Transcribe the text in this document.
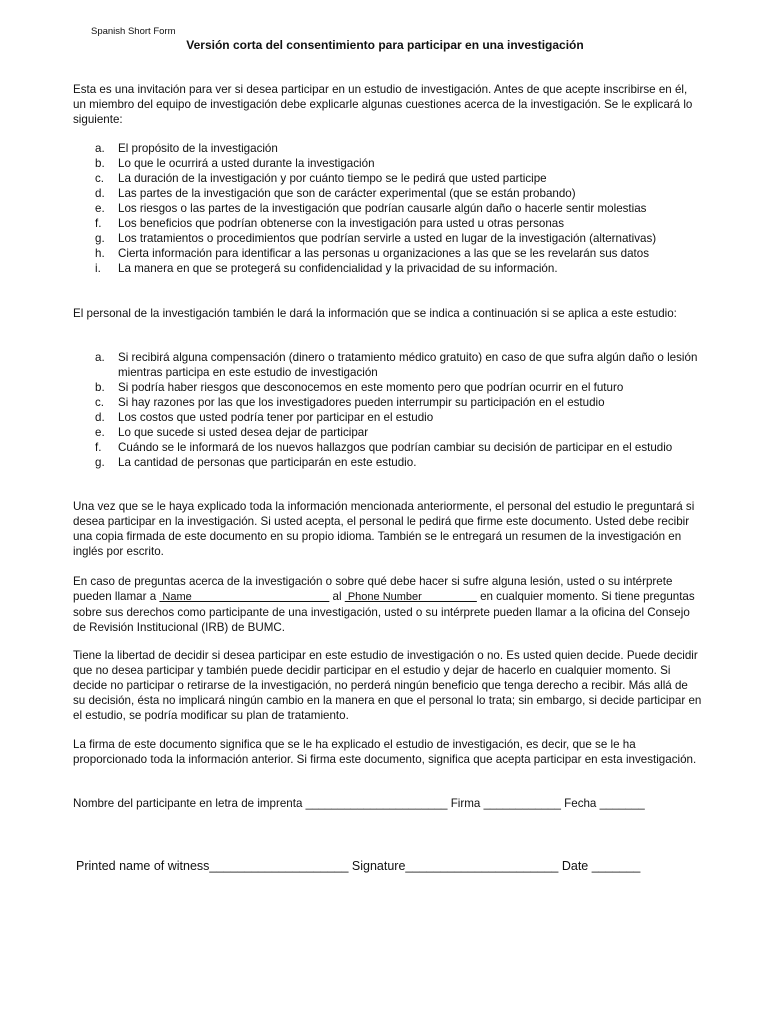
Spanish Short Form
Versión corta del consentimiento para participar en una investigación

Esta es una invitación para ver si desea participar en un estudio de investigación. Antes de que acepte inscribirse en él, un miembro del equipo de investigación debe explicarle algunas cuestiones acerca de la investigación. Se le explicará lo siguiente:

a. El propósito de la investigación
b. Lo que le ocurrirá a usted durante la investigación
c. La duración de la investigación y por cuánto tiempo se le pedirá que usted participe
d. Las partes de la investigación que son de carácter experimental (que se están probando)
e. Los riesgos o las partes de la investigación que podrían causarle algún daño o hacerle sentir molestias
f. Los beneficios que podrían obtenerse con la investigación para usted u otras personas
g. Los tratamientos o procedimientos que podrían servirle a usted en lugar de la investigación (alternativas)
h. Cierta información para identificar a las personas u organizaciones a las que se les revelarán sus datos
i. La manera en que se protegerá su confidencialidad y la privacidad de su información.

El personal de la investigación también le dará la información que se indica a continuación si se aplica a este estudio:

a. Si recibirá alguna compensación (dinero o tratamiento médico gratuito) en caso de que sufra algún daño o lesión mientras participa en este estudio de investigación
b. Si podría haber riesgos que desconocemos en este momento pero que podrían ocurrir en el futuro
c. Si hay razones por las que los investigadores pueden interrumpir su participación en el estudio
d. Los costos que usted podría tener por participar en el estudio
e. Lo que sucede si usted desea dejar de participar
f. Cuándo se le informará de los nuevos hallazgos que podrían cambiar su decisión de participar en el estudio
g. La cantidad de personas que participarán en este estudio.

Una vez que se le haya explicado toda la información mencionada anteriormente, el personal del estudio le preguntará si desea participar en la investigación. Si usted acepta, el personal le pedirá que firme este documento. Usted debe recibir una copia firmada de este documento en su propio idioma. También se le entregará un resumen de la investigación en inglés por escrito.

En caso de preguntas acerca de la investigación o sobre qué debe hacer si sufre alguna lesión, usted o su intérprete pueden llamar a  Name                                              al  Phone Number                   en cualquier momento. Si tiene preguntas sobre sus derechos como participante de una investigación, usted o su intérprete pueden llamar a la oficina del Consejo de Revisión Institucional (IRB) de BUMC.

Tiene la libertad de decidir si desea participar en este estudio de investigación o no. Es usted quien decide. Puede decidir que no desea participar y también puede decidir participar en el estudio y dejar de hacerlo en cualquier momento. Si decide no participar o retirarse de la investigación, no perderá ningún beneficio que tenga derecho a recibir. Más allá de su decisión, ésta no implicará ningún cambio en la manera en que el personal lo trata; sin embargo, si decide participar en el estudio, se podría modificar su plan de tratamiento.

La firma de este documento significa que se le ha explicado el estudio de investigación, es decir, que se le ha proporcionado toda la información anterior. Si firma este documento, significa que acepta participar en esta investigación.

Nombre del participante en letra de imprenta ______________________ Firma ____________ Fecha _______
Printed name of witness____________________ Signature______________________ Date _______
